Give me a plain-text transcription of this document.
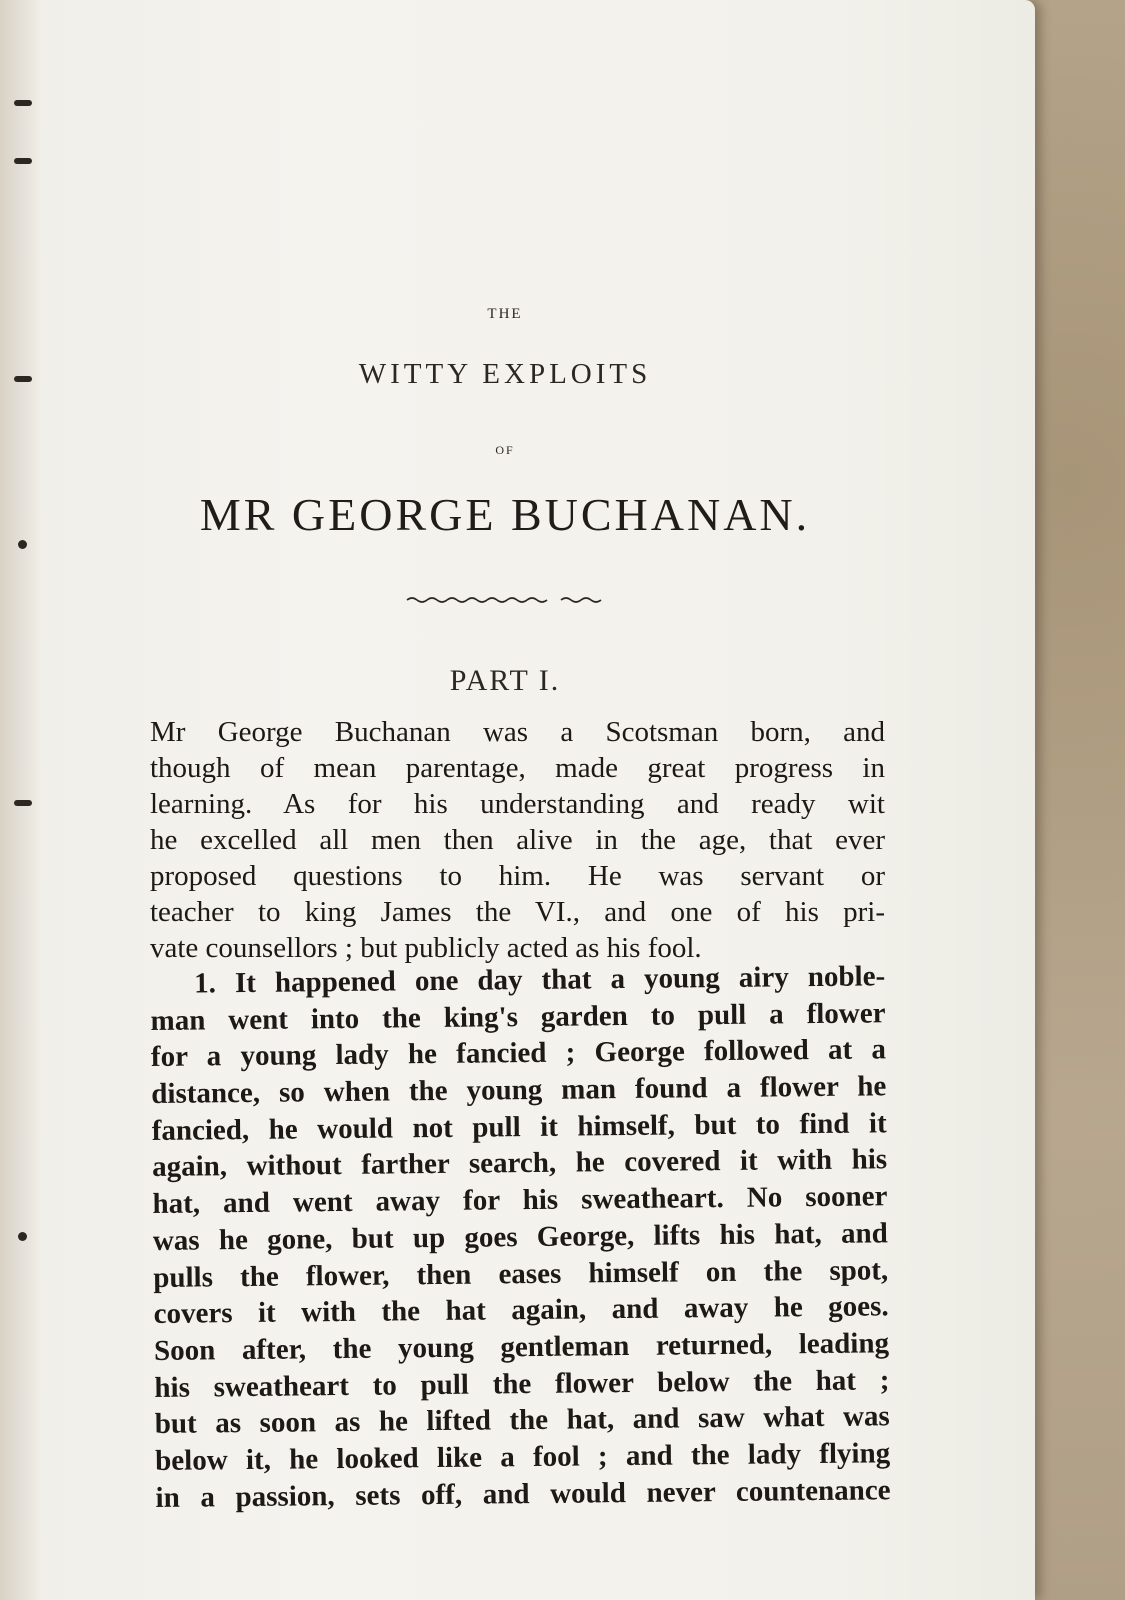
THE
WITTY EXPLOITS
OF
MR GEORGE BUCHANAN.
PART I.
Mr George Buchanan was a Scotsman born, and
though of mean parentage, made great progress in
learning. As for his understanding and ready wit
he excelled all men then alive in the age, that ever
proposed questions to him. He was servant or
teacher to king James the VI., and one of his pri-
vate counsellors ; but publicly acted as his fool.
1. It happened one day that a young airy noble-
man went into the king's garden to pull a flower
for a young lady he fancied ; George followed at a
distance, so when the young man found a flower he
fancied, he would not pull it himself, but to find it
again, without farther search, he covered it with his
hat, and went away for his sweatheart. No sooner
was he gone, but up goes George, lifts his hat, and
pulls the flower, then eases himself on the spot,
covers it with the hat again, and away he goes.
Soon after, the young gentleman returned, leading
his sweatheart to pull the flower below the hat ;
but as soon as he lifted the hat, and saw what was
below it, he looked like a fool ; and the lady flying
in a passion, sets off, and would never countenance
